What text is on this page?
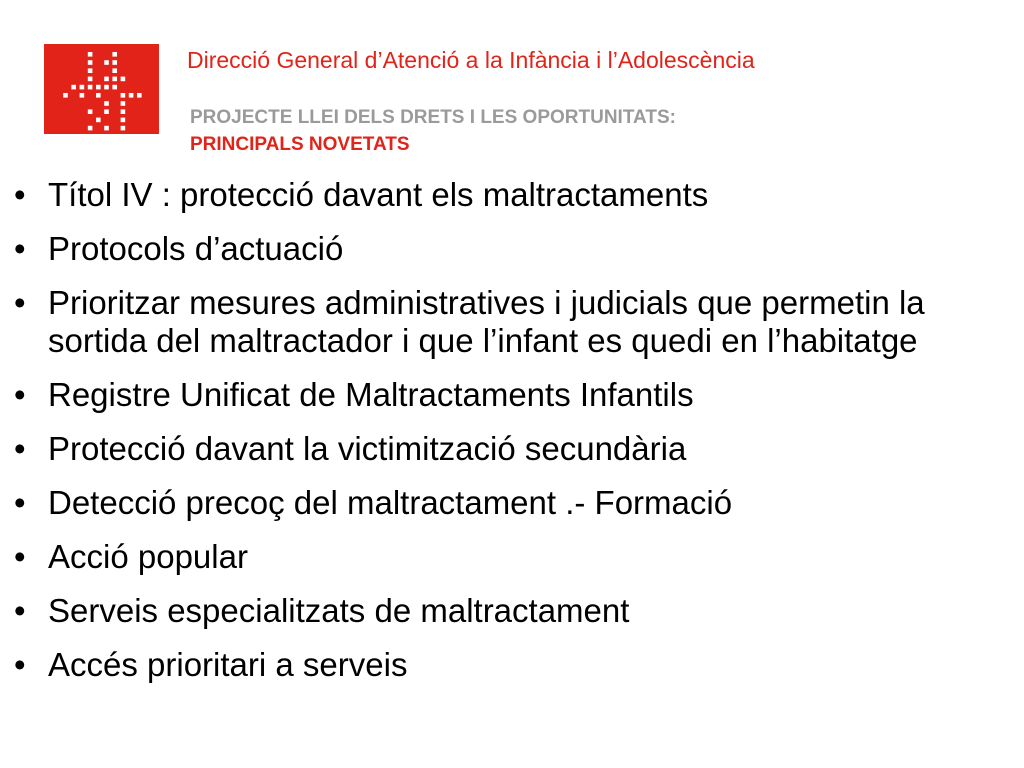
Direcció General d’Atenció a la Infància i l’Adolescència
PROJECTE LLEI DELS DRETS I LES OPORTUNITATS:
PRINCIPALS NOVETATS
• Títol IV : protecció davant els maltractaments
• Protocols d’actuació
• Prioritzar mesures administratives i judicials que permetin la sortida del maltractador i que l’infant es quedi en l’habitatge
• Registre Unificat de Maltractaments Infantils
• Protecció davant la victimització secundària
• Detecció precoç del maltractament .- Formació
• Acció popular
• Serveis especialitzats de maltractament
• Accés prioritari a serveis
